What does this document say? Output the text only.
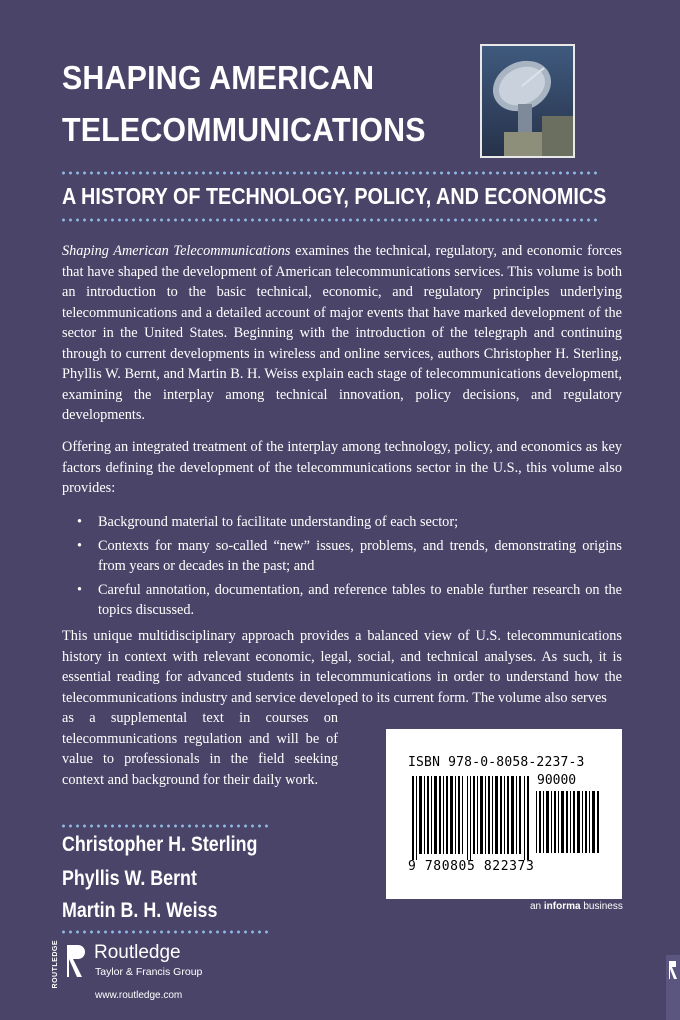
SHAPING AMERICAN
TELECOMMUNICATIONS
A HISTORY OF TECHNOLOGY, POLICY, AND ECONOMICS

Shaping American Telecommunications examines the technical, regulatory, and economic forces that have shaped the development of American telecommunications services. This volume is both an introduction to the basic technical, economic, and regulatory principles underlying telecommunications and a detailed account of major events that have marked development of the sector in the United States. Beginning with the introduction of the telegraph and continuing through to current developments in wireless and online services, authors Christopher H. Sterling, Phyllis W. Bernt, and Martin B. H. Weiss explain each stage of telecommunications development, examining the interplay among technical innovation, policy decisions, and regulatory developments.

Offering an integrated treatment of the interplay among technology, policy, and economics as key factors defining the development of the telecommunications sector in the U.S., this volume also provides:

• Background material to facilitate understanding of each sector;
• Contexts for many so-called “new” issues, problems, and trends, demonstrating origins from years or decades in the past; and
• Careful annotation, documentation, and reference tables to enable further research on the topics discussed.

This unique multidisciplinary approach provides a balanced view of U.S. telecommunications history in context with relevant economic, legal, social, and technical analyses. As such, it is essential reading for advanced students in telecommunications in order to understand how the telecommunications industry and service developed to its current form. The volume also serves

as a supplemental text in courses on telecommunications regulation and will be of value to professionals in the field seeking context and background for their daily work.

ISBN 978-0-8058-2237-3
90000
9 780805 822373
an informa business
Christopher H. Sterling
Phyllis W. Bernt
Martin B. H. Weiss
ROUTLEDGE Routledge
Taylor & Francis Group
www.routledge.com
